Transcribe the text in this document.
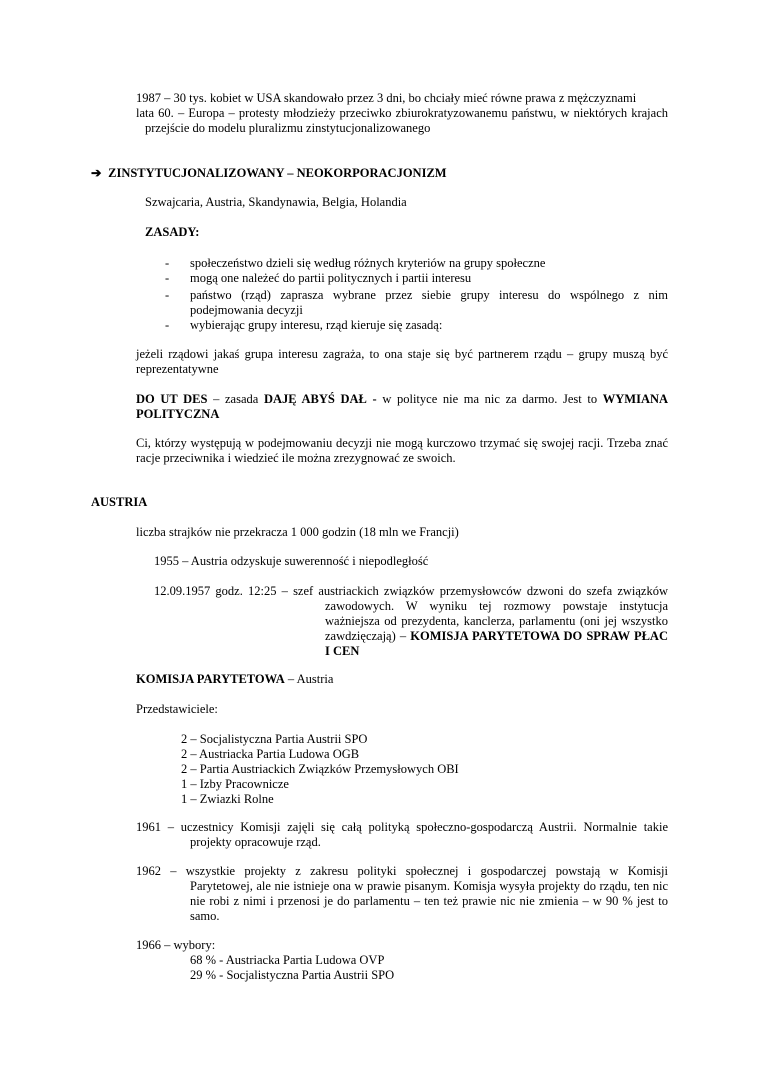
1987 – 30 tys. kobiet w USA skandowało przez 3 dni, bo chciały mieć równe prawa z mężczyznami
lata 60. – Europa – protesty młodzieży przeciwko zbiurokratyzowanemu państwu, w niektórych krajach
przejście do modelu pluralizmu zinstytucjonalizowanego
➔ ZINSTYTUCJONALIZOWANY – NEOKORPORACJONIZM
Szwajcaria, Austria, Skandynawia, Belgia, Holandia
ZASADY:
-	społeczeństwo dzieli się według różnych kryteriów na grupy społeczne
-	mogą one należeć do partii politycznych i partii interesu
-	państwo (rząd) zaprasza wybrane przez siebie grupy interesu do wspólnego z nim podejmowania decyzji
-	wybierając grupy interesu, rząd kieruje się zasadą:
jeżeli rządowi jakaś grupa interesu zagraża, to ona staje się być partnerem rządu – grupy muszą być reprezentatywne
DO UT DES – zasada DAJĘ ABYŚ DAŁ - w polityce nie ma nic za darmo. Jest to WYMIANA POLITYCZNA
Ci, którzy występują w podejmowaniu decyzji nie mogą kurczowo trzymać się swojej racji. Trzeba znać racje przeciwnika i wiedzieć ile można zrezygnować ze swoich.
AUSTRIA
liczba strajków nie przekracza 1 000 godzin (18 mln we Francji)
1955 – Austria odzyskuje suwerenność i niepodległość
12.09.1957 godz. 12:25 – szef austriackich związków przemysłowców dzwoni do szefa związków
zawodowych. W wyniku tej rozmowy powstaje instytucja ważniejsza od prezydenta, kanclerza, parlamentu (oni jej wszystko zawdzięczają) – KOMISJA PARYTETOWA DO SPRAW PŁAC I CEN
KOMISJA PARYTETOWA – Austria
Przedstawiciele:
2 – Socjalistyczna Partia Austrii SPO
2 – Austriacka Partia Ludowa OGB
2 – Partia Austriackich Związków Przemysłowych OBI
1 – Izby Pracownicze
1 – Zwiazki Rolne
1961 – uczestnicy Komisji zajęli się całą polityką społeczno-gospodarczą Austrii. Normalnie takie
projekty opracowuje rząd.
1962 – wszystkie projekty z zakresu polityki społecznej i gospodarczej powstają w Komisji
Parytetowej, ale nie istnieje ona w prawie pisanym. Komisja wysyła projekty do rządu, ten nic nie robi z nimi i przenosi je do parlamentu – ten też prawie nic nie zmienia – w 90 % jest to samo.
1966 – wybory:
68 % - Austriacka Partia Ludowa OVP
29 % - Socjalistyczna Partia Austrii SPO
